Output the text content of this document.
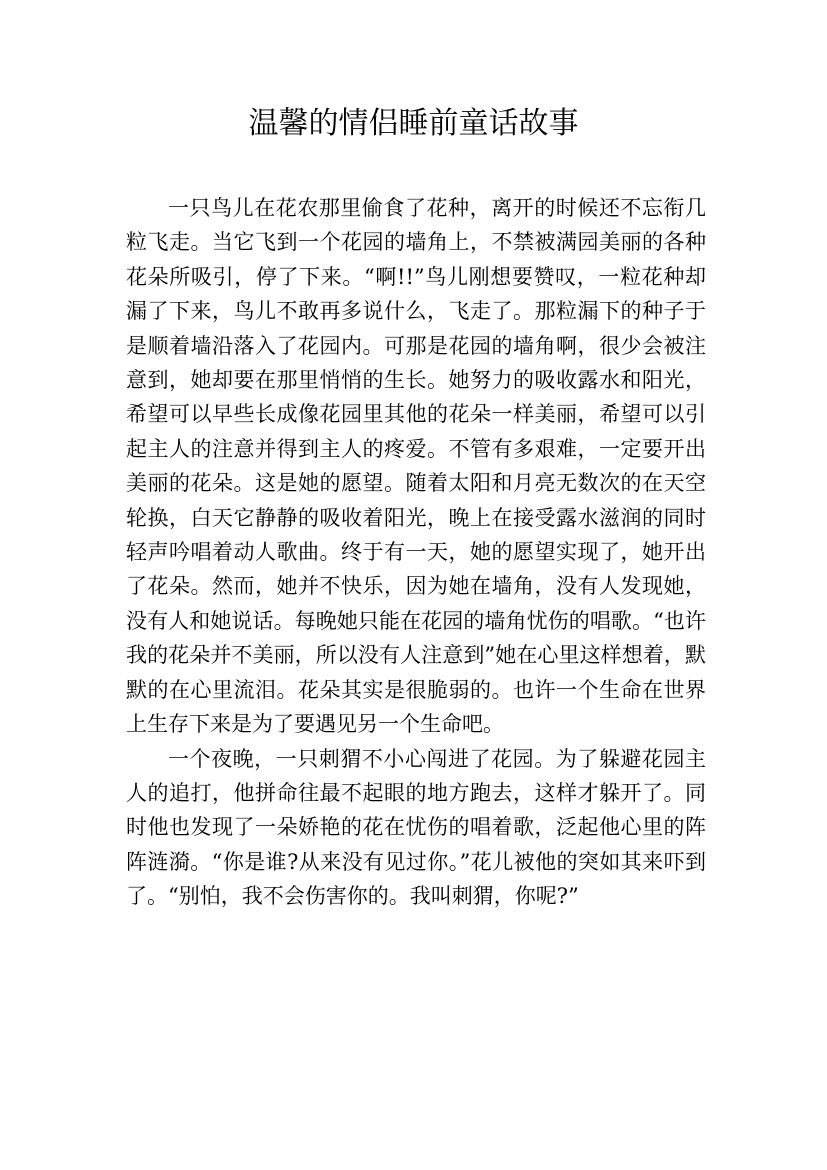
温馨的情侣睡前童话故事

一只鸟儿在花农那里偷食了花种，离开的时候还不忘衔几粒飞走。当它飞到一个花园的墙角上，不禁被满园美丽的各种花朵所吸引，停了下来。“啊!!”鸟儿刚想要赞叹，一粒花种却漏了下来，鸟儿不敢再多说什么，飞走了。那粒漏下的种子于是顺着墙沿落入了花园内。可那是花园的墙角啊，很少会被注意到，她却要在那里悄悄的生长。她努力的吸收露水和阳光，希望可以早些长成像花园里其他的花朵一样美丽，希望可以引起主人的注意并得到主人的疼爱。不管有多艰难，一定要开出美丽的花朵。这是她的愿望。随着太阳和月亮无数次的在天空轮换，白天它静静的吸收着阳光，晚上在接受露水滋润的同时轻声吟唱着动人歌曲。终于有一天，她的愿望实现了，她开出了花朵。然而，她并不快乐，因为她在墙角，没有人发现她，没有人和她说话。每晚她只能在花园的墙角忧伤的唱歌。“也许我的花朵并不美丽，所以没有人注意到”她在心里这样想着，默默的在心里流泪。花朵其实是很脆弱的。也许一个生命在世界上生存下来是为了要遇见另一个生命吧。

一个夜晚，一只刺猬不小心闯进了花园。为了躲避花园主人的追打，他拼命往最不起眼的地方跑去，这样才躲开了。同时他也发现了一朵娇艳的花在忧伤的唱着歌，泛起他心里的阵阵涟漪。“你是谁?从来没有见过你。”花儿被他的突如其来吓到了。“别怕，我不会伤害你的。我叫刺猬，你呢?”
